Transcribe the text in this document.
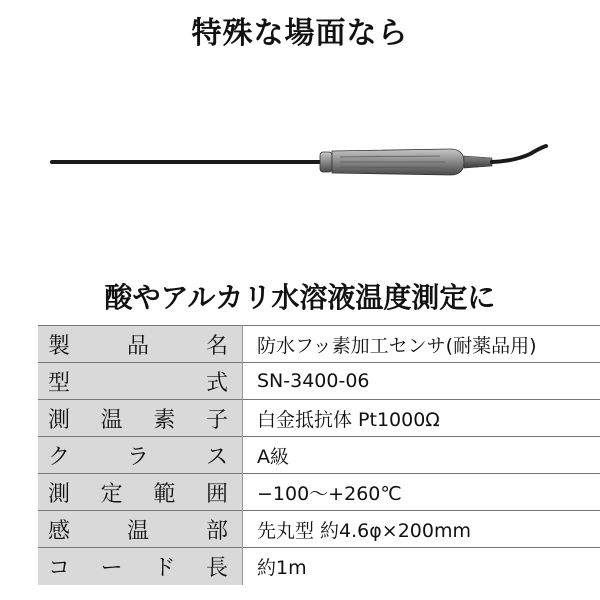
特殊な場面なら
酸やアルカリ水溶液温度測定に
製 品 名	防水フッ素加工センサ(耐薬品用)

型 式	SN-3400-06

測 温 素 子	白金抵抗体 Pt1000Ω

ク ラ ス	A級

測 定 範 囲	−100〜+260℃

感 温 部	先丸型 約4.6φ×200mm

コ ー ド 長	約1m
